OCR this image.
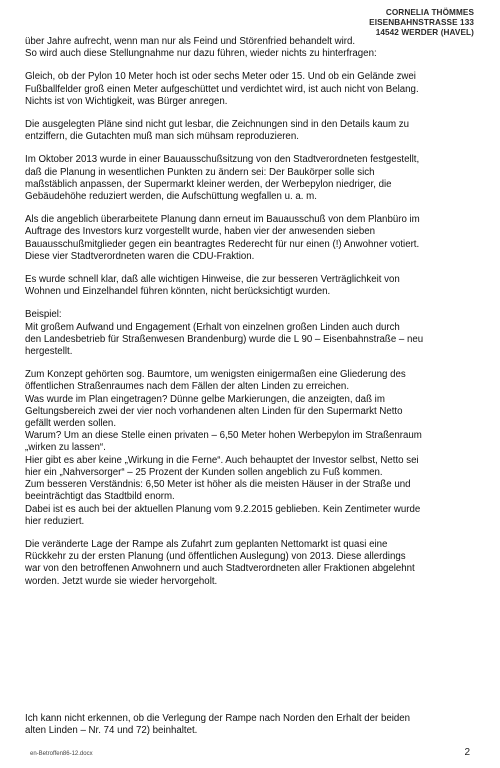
CORNELIA THÖMMES
EISENBAHNSTRASSE 133
14542 WERDER (HAVEL)

über Jahre aufrecht, wenn man nur als Feind und Störenfried behandelt wird.
So wird auch diese Stellungnahme nur dazu führen, wieder nichts zu hinterfragen:

Gleich, ob der Pylon 10 Meter hoch ist oder sechs Meter oder 15. Und ob ein Gelände zwei
Fußballfelder groß einen Meter aufgeschüttet und verdichtet wird, ist auch nicht von Belang.
Nichts ist von Wichtigkeit, was Bürger anregen.

Die ausgelegten Pläne sind nicht gut lesbar, die Zeichnungen sind in den Details kaum zu
entziffern, die Gutachten muß man sich mühsam reproduzieren.

Im Oktober 2013 wurde in einer Bauausschußsitzung von den Stadtverordneten festgestellt,
daß die Planung in wesentlichen Punkten zu ändern sei: Der Baukörper solle sich
maßstäblich anpassen, der Supermarkt kleiner werden, der Werbepylon niedriger, die
Gebäudehöhe reduziert werden, die Aufschüttung wegfallen u. a. m.

Als die angeblich überarbeitete Planung dann erneut im Bauausschuß von dem Planbüro im
Auftrage des Investors kurz vorgestellt wurde, haben vier der anwesenden sieben
Bauausschußmitglieder gegen ein beantragtes Rederecht für nur einen (!) Anwohner votiert.
Diese vier Stadtverordneten waren die CDU-Fraktion.

Es wurde schnell klar, daß alle wichtigen Hinweise, die zur besseren Verträglichkeit von
Wohnen und Einzelhandel führen könnten, nicht berücksichtigt wurden.

Beispiel:
Mit großem Aufwand und Engagement (Erhalt von einzelnen großen Linden auch durch
den Landesbetrieb für Straßenwesen Brandenburg) wurde die L 90 – Eisenbahnstraße – neu
hergestellt.

Zum Konzept gehörten sog. Baumtore, um wenigsten einigermaßen eine Gliederung des
öffentlichen Straßenraumes nach dem Fällen der alten Linden zu erreichen.
Was wurde im Plan eingetragen? Dünne gelbe Markierungen, die anzeigten, daß im
Geltungsbereich zwei der vier noch vorhandenen alten Linden für den Supermarkt Netto
gefällt werden sollen.
Warum? Um an diese Stelle einen privaten – 6,50 Meter hohen Werbepylon im Straßenraum
„wirken zu lassen“.
Hier gibt es aber keine „Wirkung in die Ferne“. Auch behauptet der Investor selbst, Netto sei
hier ein „Nahversorger“ – 25 Prozent der Kunden sollen angeblich zu Fuß kommen.
Zum besseren Verständnis: 6,50 Meter ist höher als die meisten Häuser in der Straße und
beeinträchtigt das Stadtbild enorm.
Dabei ist es auch bei der aktuellen Planung vom 9.2.2015 geblieben. Kein Zentimeter wurde
hier reduziert.

Die veränderte Lage der Rampe als Zufahrt zum geplanten Nettomarkt ist quasi eine
Rückkehr zu der ersten Planung (und öffentlichen Auslegung) von 2013. Diese allerdings
war von den betroffenen Anwohnern und auch Stadtverordneten aller Fraktionen abgelehnt
worden. Jetzt wurde sie wieder hervorgeholt.

Ich kann nicht erkennen, ob die Verlegung der Rampe nach Norden den Erhalt der beiden
alten Linden – Nr. 74 und 72) beinhaltet.

en-Betroffen86-12.docx	2
